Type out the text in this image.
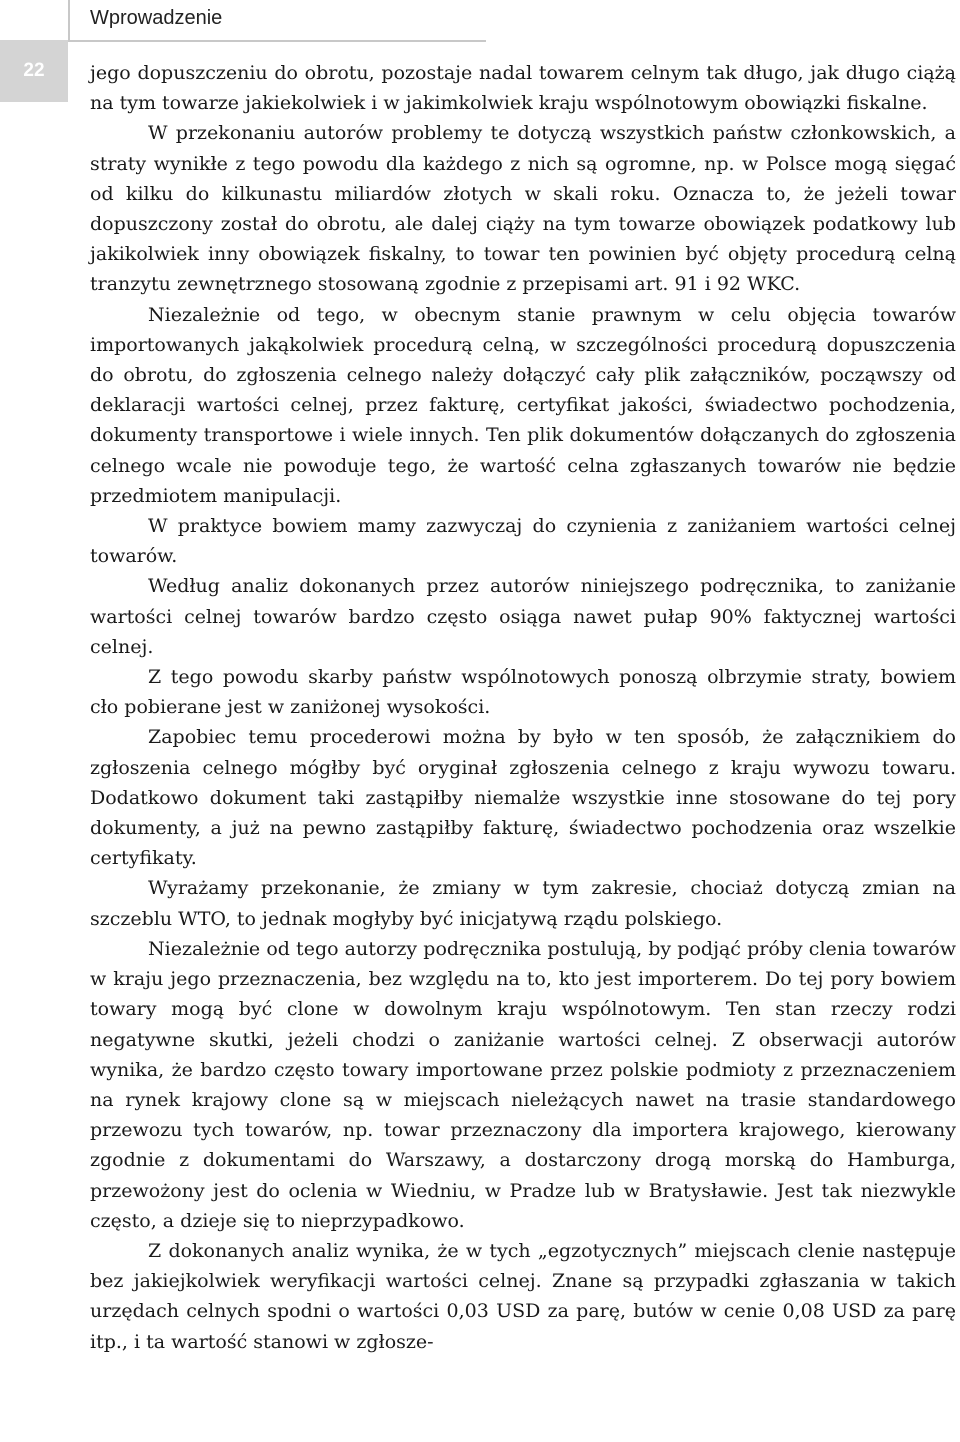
22
Wprowadzenie

jego dopuszczeniu do obrotu, pozostaje nadal towarem celnym tak długo, jak długo ciążą na tym towarze jakiekolwiek i w jakimkolwiek kraju wspólnotowym obowiązki fiskalne.

W przekonaniu autorów problemy te dotyczą wszystkich państw członkowskich, a straty wynikłe z tego powodu dla każdego z nich są ogromne, np. w Polsce mogą sięgać od kilku do kilkunastu miliardów złotych w skali roku. Oznacza to, że jeżeli towar dopuszczony został do obrotu, ale dalej ciąży na tym towarze obowiązek podatkowy lub jakikolwiek inny obowiązek fiskalny, to towar ten powinien być objęty procedurą celną tranzytu zewnętrznego stosowaną zgodnie z przepisami art. 91 i 92 WKC.

Niezależnie od tego, w obecnym stanie prawnym w celu objęcia towarów importowanych jakąkolwiek procedurą celną, w szczególności procedurą dopuszczenia do obrotu, do zgłoszenia celnego należy dołączyć cały plik załączników, począwszy od deklaracji wartości celnej, przez fakturę, certyfikat jakości, świadectwo pochodzenia, dokumenty transportowe i wiele innych. Ten plik dokumentów dołączanych do zgłoszenia celnego wcale nie powoduje tego, że wartość celna zgłaszanych towarów nie będzie przedmiotem manipulacji.

W praktyce bowiem mamy zazwyczaj do czynienia z zaniżaniem wartości celnej towarów.

Według analiz dokonanych przez autorów niniejszego podręcznika, to zaniżanie wartości celnej towarów bardzo często osiąga nawet pułap 90% faktycznej wartości celnej.

Z tego powodu skarby państw wspólnotowych ponoszą olbrzymie straty, bowiem cło pobierane jest w zaniżonej wysokości.

Zapobiec temu procederowi można by było w ten sposób, że załącznikiem do zgłoszenia celnego mógłby być oryginał zgłoszenia celnego z kraju wywozu towaru. Dodatkowo dokument taki zastąpiłby niemalże wszystkie inne stosowane do tej pory dokumenty, a już na pewno zastąpiłby fakturę, świadectwo pochodzenia oraz wszelkie certyfikaty.

Wyrażamy przekonanie, że zmiany w tym zakresie, chociaż dotyczą zmian na szczeblu WTO, to jednak mogłyby być inicjatywą rządu polskiego.

Niezależnie od tego autorzy podręcznika postulują, by podjąć próby clenia towarów w kraju jego przeznaczenia, bez względu na to, kto jest importerem. Do tej pory bowiem towary mogą być clone w dowolnym kraju wspólnotowym. Ten stan rzeczy rodzi negatywne skutki, jeżeli chodzi o zaniżanie wartości celnej. Z obserwacji autorów wynika, że bardzo często towary importowane przez polskie podmioty z przeznaczeniem na rynek krajowy clone są w miejscach nieleżących nawet na trasie standardowego przewozu tych towarów, np. towar przeznaczony dla importera krajowego, kierowany zgodnie z dokumentami do Warszawy, a dostarczony drogą morską do Hamburga, przewożony jest do oclenia w Wiedniu, w Pradze lub w Bratysławie. Jest tak niezwykle często, a dzieje się to nieprzypadkowo.

Z dokonanych analiz wynika, że w tych „egzotycznych” miejscach clenie następuje bez jakiejkolwiek weryfikacji wartości celnej. Znane są przypadki zgłaszania w takich urzędach celnych spodni o wartości 0,03 USD za parę, butów w cenie 0,08 USD za parę itp., i ta wartość stanowi w zgłosze-
